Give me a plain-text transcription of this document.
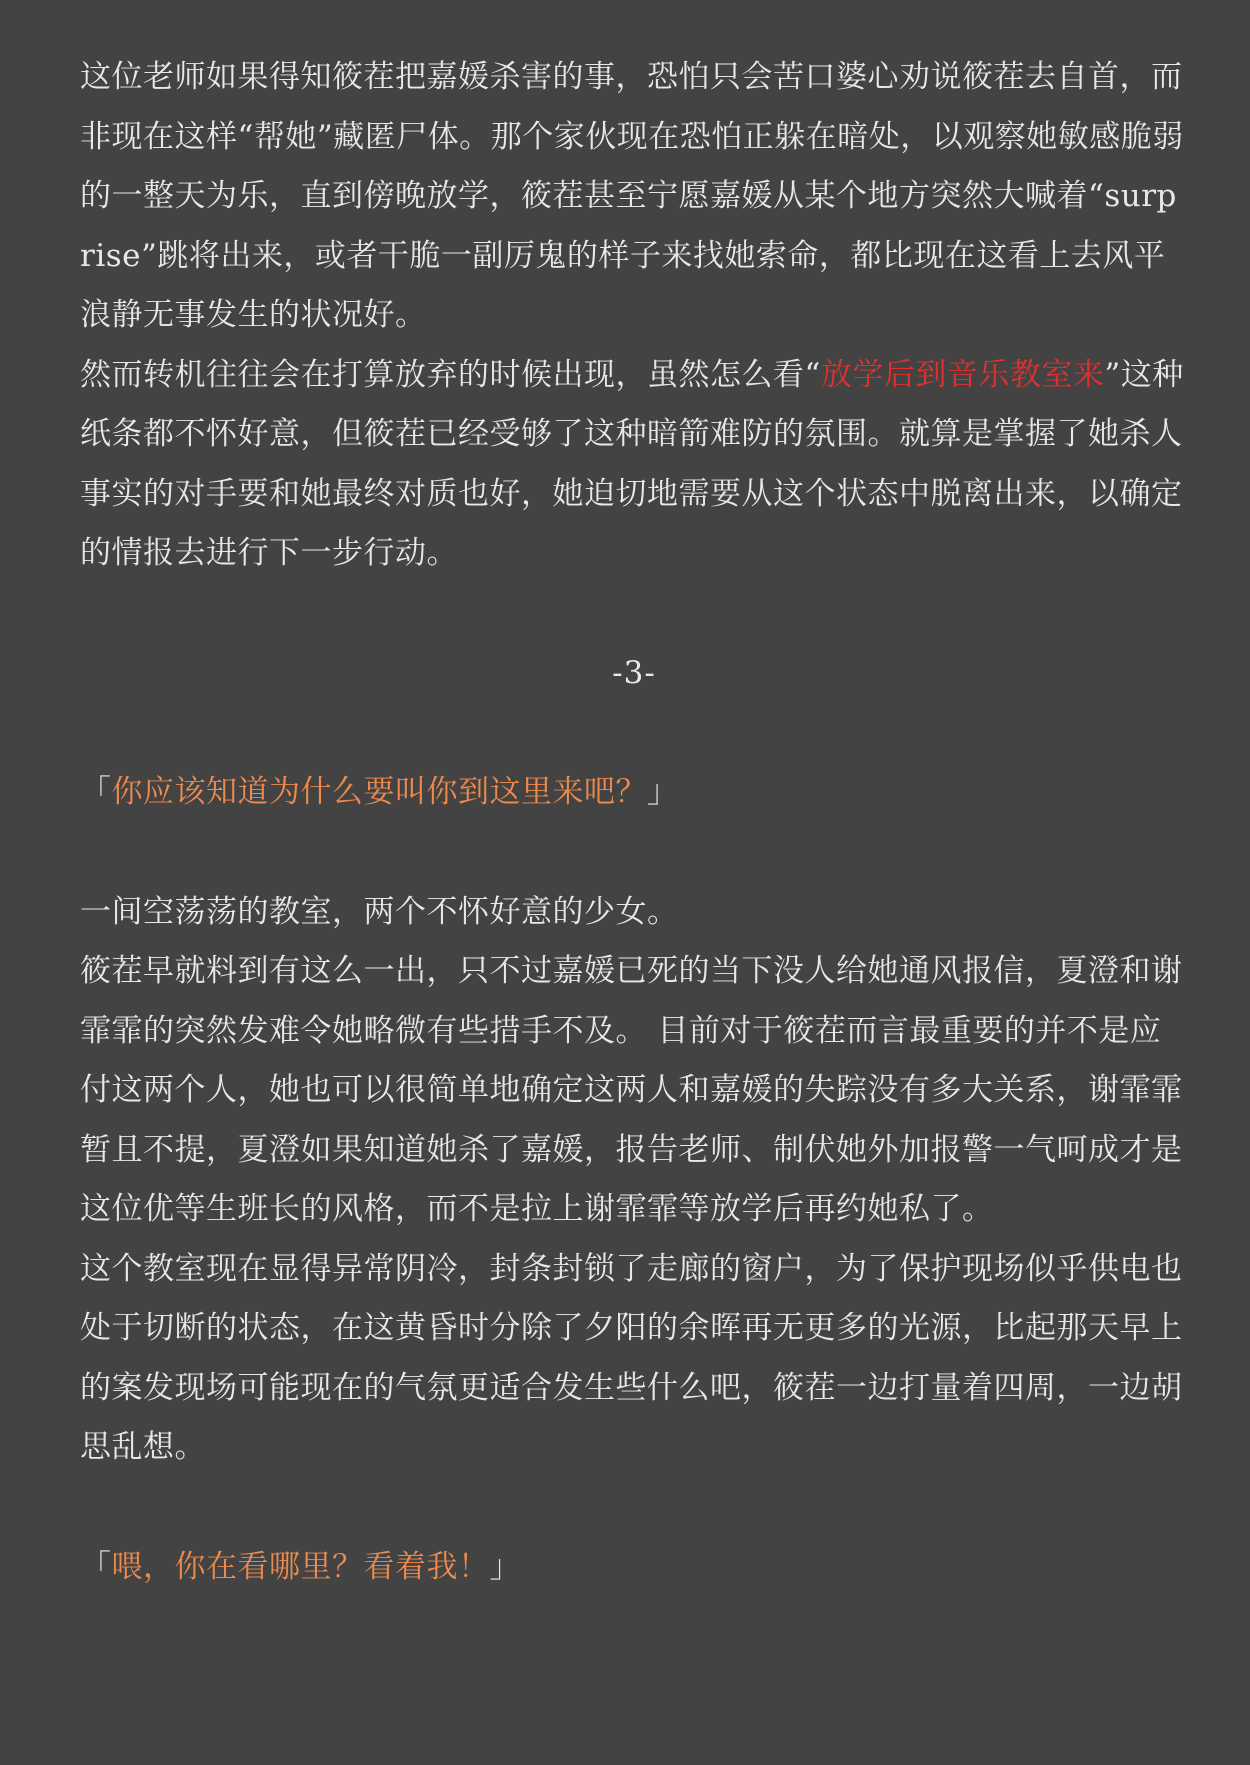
这位老师如果得知筱茬把嘉媛杀害的事，恐怕只会苦口婆心劝说筱茬去自首，而非现在这样“帮她”藏匿尸体。那个家伙现在恐怕正躲在暗处，以观察她敏感脆弱的一整天为乐，直到傍晚放学，筱茬甚至宁愿嘉媛从某个地方突然大喊着“surprise”跳将出来，或者干脆一副厉鬼的样子来找她索命，都比现在这看上去风平浪静无事发生的状况好。

然而转机往往会在打算放弃的时候出现，虽然怎么看“放学后到音乐教室来”这种纸条都不怀好意，但筱茬已经受够了这种暗箭难防的氛围。就算是掌握了她杀人事实的对手要和她最终对质也好，她迫切地需要从这个状态中脱离出来，以确定的情报去进行下一步行动。

-3-

「你应该知道为什么要叫你到这里来吧？」

一间空荡荡的教室，两个不怀好意的少女。

筱茬早就料到有这么一出，只不过嘉媛已死的当下没人给她通风报信，夏澄和谢霏霏的突然发难令她略微有些措手不及。 目前对于筱茬而言最重要的并不是应付这两个人，她也可以很简单地确定这两人和嘉媛的失踪没有多大关系，谢霏霏暂且不提，夏澄如果知道她杀了嘉媛，报告老师、制伏她外加报警一气呵成才是这位优等生班长的风格，而不是拉上谢霏霏等放学后再约她私了。

这个教室现在显得异常阴冷，封条封锁了走廊的窗户，为了保护现场似乎供电也处于切断的状态，在这黄昏时分除了夕阳的余晖再无更多的光源，比起那天早上的案发现场可能现在的气氛更适合发生些什么吧，筱茬一边打量着四周，一边胡思乱想。

「喂，你在看哪里？看着我！」
